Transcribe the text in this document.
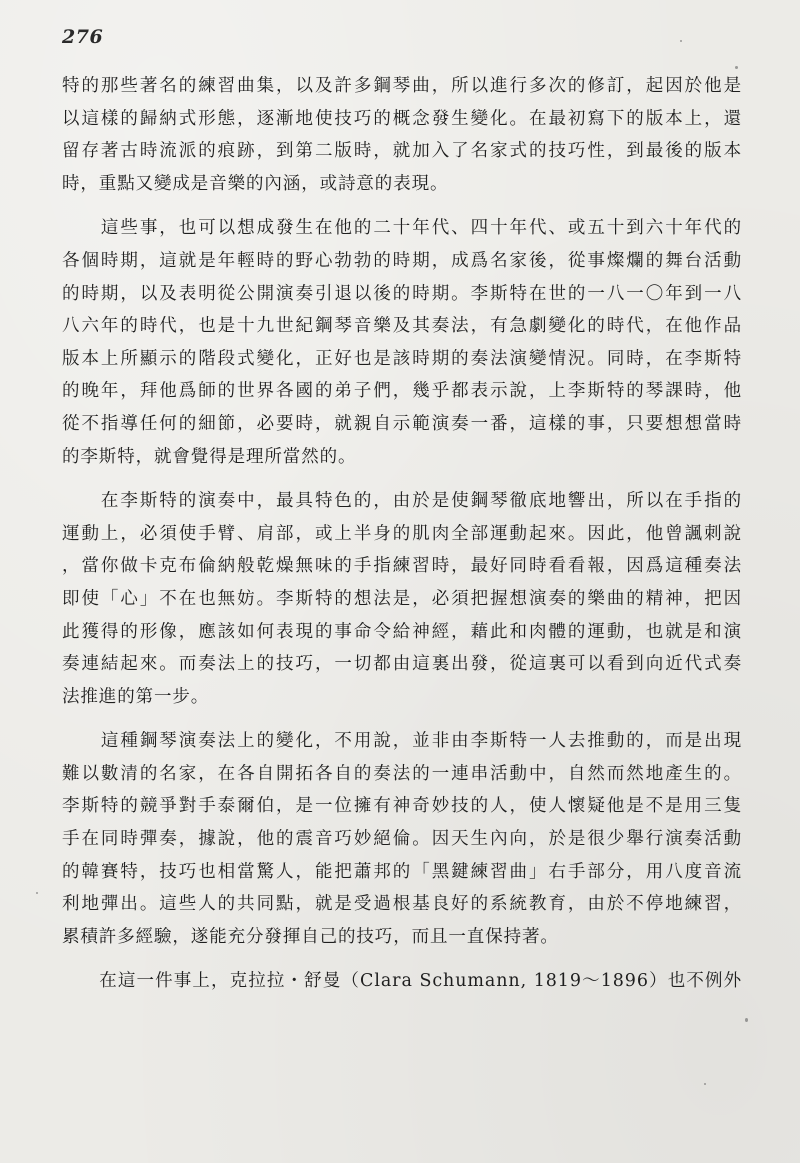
276

特的那些著名的練習曲集，以及許多鋼琴曲，所以進行多次的修訂，起因於他是
以這樣的歸納式形態，逐漸地使技巧的概念發生變化。在最初寫下的版本上，還
留存著古時流派的痕跡，到第二版時，就加入了名家式的技巧性，到最後的版本
時，重點又變成是音樂的內涵，或詩意的表現。

　　這些事，也可以想成發生在他的二十年代、四十年代、或五十到六十年代的
各個時期，這就是年輕時的野心勃勃的時期，成爲名家後，從事燦爛的舞台活動
的時期，以及表明從公開演奏引退以後的時期。李斯特在世的一八一〇年到一八
八六年的時代，也是十九世紀鋼琴音樂及其奏法，有急劇變化的時代，在他作品
版本上所顯示的階段式變化，正好也是該時期的奏法演變情況。同時，在李斯特
的晚年，拜他爲師的世界各國的弟子們，幾乎都表示說，上李斯特的琴課時，他
從不指導任何的細節，必要時，就親自示範演奏一番，這樣的事，只要想想當時
的李斯特，就會覺得是理所當然的。

　　在李斯特的演奏中，最具特色的，由於是使鋼琴徹底地響出，所以在手指的
運動上，必須使手臂、肩部，或上半身的肌肉全部運動起來。因此，他曾諷刺說
，當你做卡克布倫納般乾燥無味的手指練習時，最好同時看看報，因爲這種奏法
即使「心」不在也無妨。李斯特的想法是，必須把握想演奏的樂曲的精神，把因
此獲得的形像，應該如何表現的事命令給神經，藉此和肉體的運動，也就是和演
奏連結起來。而奏法上的技巧，一切都由這裏出發，從這裏可以看到向近代式奏
法推進的第一步。

　　這種鋼琴演奏法上的變化，不用說，並非由李斯特一人去推動的，而是出現
難以數清的名家，在各自開拓各自的奏法的一連串活動中，自然而然地產生的。
李斯特的競爭對手泰爾伯，是一位擁有神奇妙技的人，使人懷疑他是不是用三隻
手在同時彈奏，據說，他的震音巧妙絕倫。因天生內向，於是很少舉行演奏活動
的韓賽特，技巧也相當驚人，能把蕭邦的「黑鍵練習曲」右手部分，用八度音流
利地彈出。這些人的共同點，就是受過根基良好的系統教育，由於不停地練習，
累積許多經驗，遂能充分發揮自己的技巧，而且一直保持著。

　　在這一件事上，克拉拉・舒曼（Clara Schumann, 1819～1896）也不例外
